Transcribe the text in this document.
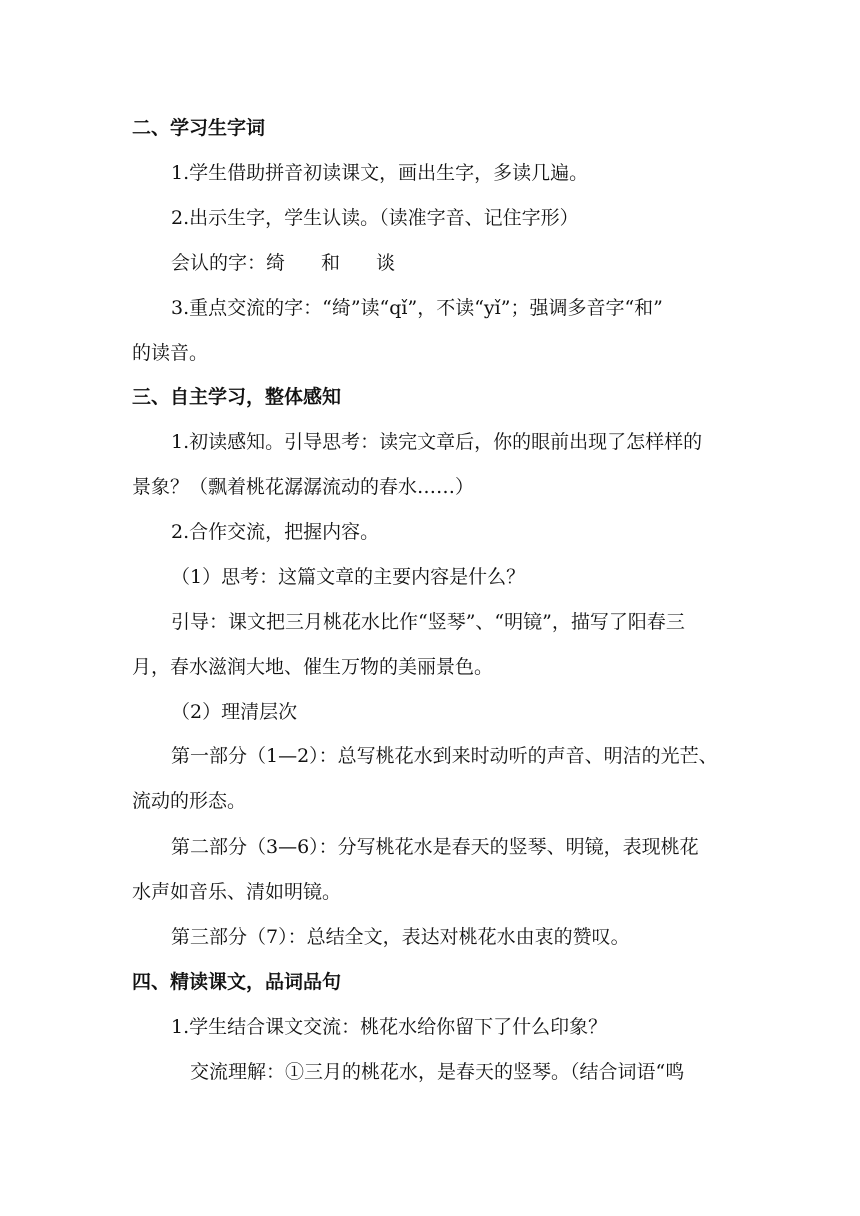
二、学习生字词
1.学生借助拼音初读课文，画出生字，多读几遍。
2.出示生字，学生认读。（读准字音、记住字形）
会认的字：绮 和 谈
3.重点交流的字：“绮”读“qǐ”，不读“yǐ”；强调多音字“和”
的读音。
三、自主学习，整体感知
1.初读感知。引导思考：读完文章后，你的眼前出现了怎样样的
景象？（飘着桃花潺潺流动的春水……）
2.合作交流，把握内容。
（1）思考：这篇文章的主要内容是什么？
引导：课文把三月桃花水比作“竖琴”、“明镜”，描写了阳春三
月，春水滋润大地、催生万物的美丽景色。
（2）理清层次
第一部分（1—2）：总写桃花水到来时动听的声音、明洁的光芒、
流动的形态。
第二部分（3—6）：分写桃花水是春天的竖琴、明镜，表现桃花
水声如音乐、清如明镜。
第三部分（7）：总结全文，表达对桃花水由衷的赞叹。
四、精读课文，品词品句
1.学生结合课文交流：桃花水给你留下了什么印象？
交流理解：①三月的桃花水，是春天的竖琴。（结合词语“鸣
